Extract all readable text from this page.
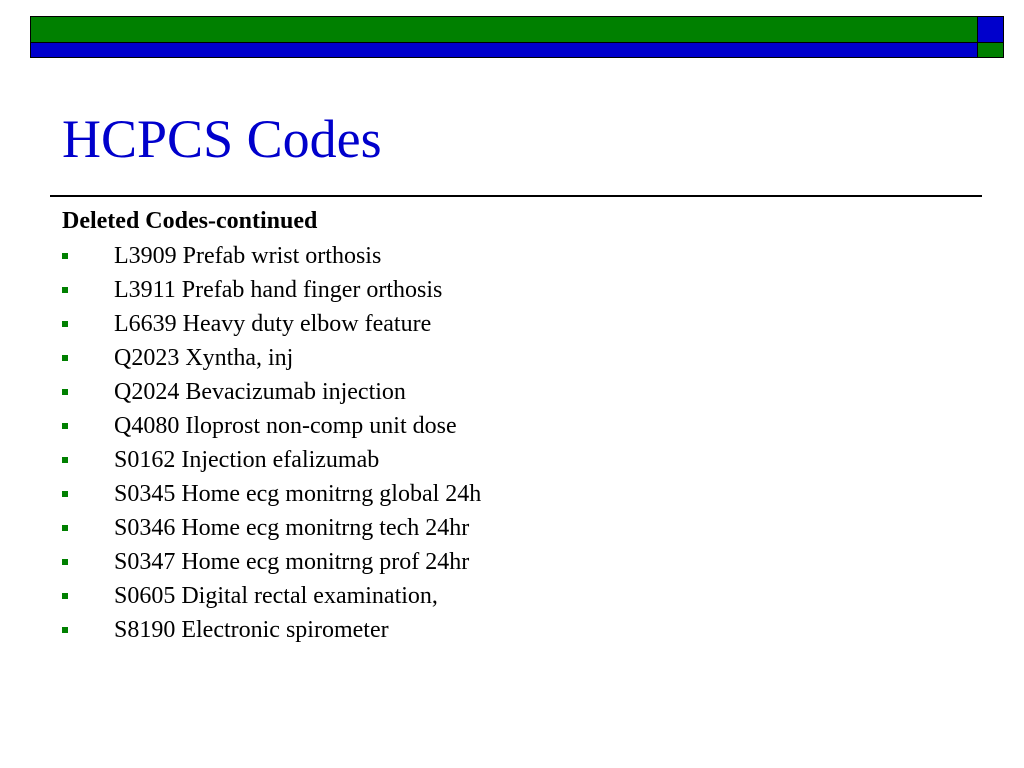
HCPCS Codes
Deleted Codes-continued
L3909 Prefab wrist orthosis
L3911 Prefab hand finger orthosis
L6639 Heavy duty elbow feature
Q2023 Xyntha, inj
Q2024 Bevacizumab injection
Q4080 Iloprost non-comp unit dose
S0162 Injection efalizumab
S0345 Home ecg monitrng global 24h
S0346 Home ecg monitrng tech 24hr
S0347 Home ecg monitrng prof 24hr
S0605 Digital rectal examination,
S8190 Electronic spirometer
